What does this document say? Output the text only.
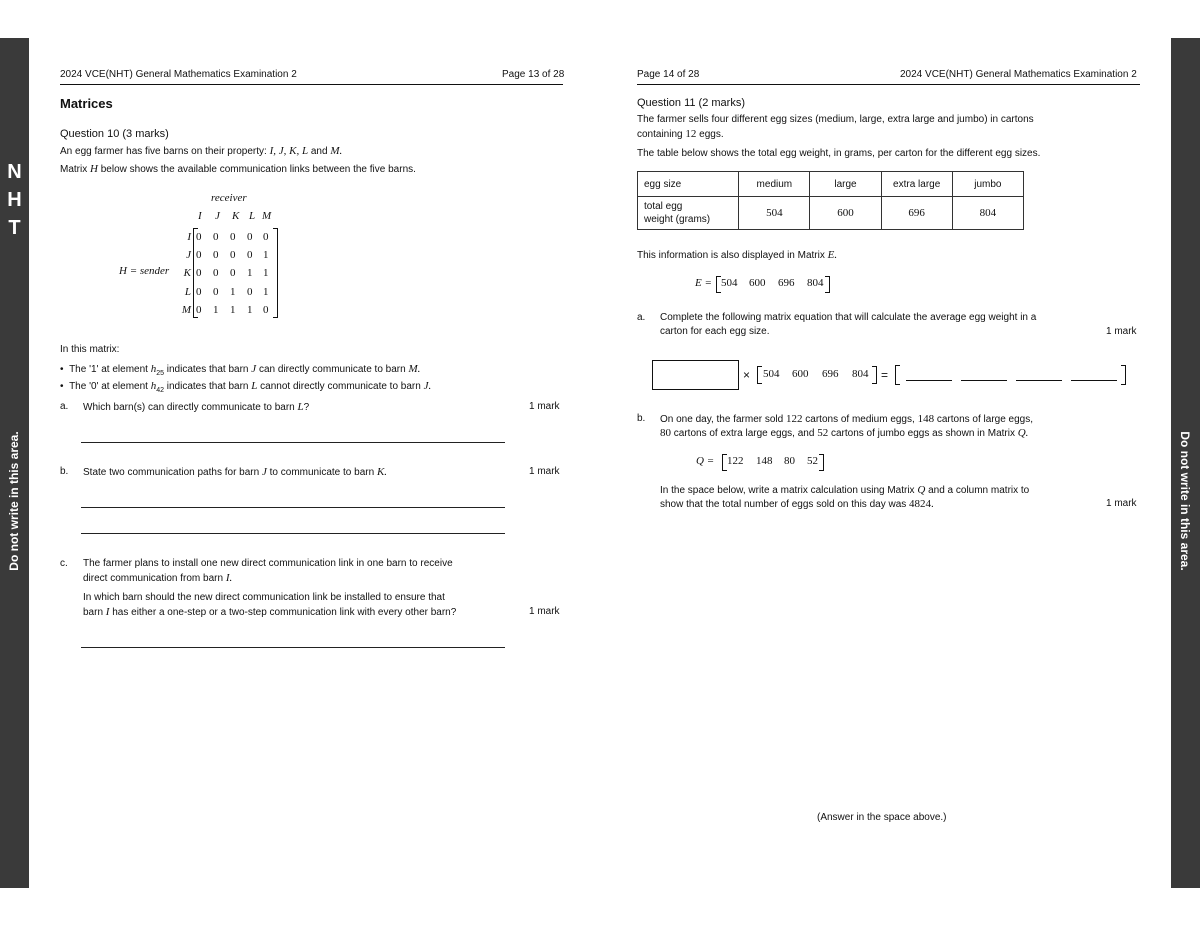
N
H
T
Do not write in this area.	Do not write in this area.
2024 VCE(NHT) General Mathematics Examination 2	Page 13 of 28
Matrices
Question 10 (3 marks)
An egg farmer has five barns on their property: I, J, K, L and M.
Matrix H below shows the available communication links between the five barns.
receiver
I J K L M
H = sender
I
J
K
L
M
0 0 0 0 0
0 0 0 0 1
0 0 0 1 1
0 0 1 0 1
0 1 1 1 0
In this matrix:
•  The '1' at element $h_{25}$ indicates that barn J can directly communicate to barn M.
•  The '0' at element $h_{42}$ indicates that barn L cannot directly communicate to barn J.
a. Which barn(s) can directly communicate to barn L?	1 mark
b. State two communication paths for barn J to communicate to barn K.	1 mark
c. The farmer plans to install one new direct communication link in one barn to receive
direct communication from barn I.
In which barn should the new direct communication link be installed to ensure that
barn I has either a one-step or a two-step communication link with every other barn?	1 mark
Page 14 of 28	2024 VCE(NHT) General Mathematics Examination 2
Question 11 (2 marks)
The farmer sells four different egg sizes (medium, large, extra large and jumbo) in cartons
containing 12 eggs.
The table below shows the total egg weight, in grams, per carton for the different egg sizes.
egg size	medium	large	extra large	jumbo

total egg
weight (grams)	504	600	696	804
This information is also displayed in Matrix E.
E = 504 600 696 804
a. Complete the following matrix equation that will calculate the average egg weight in a
carton for each egg size.	1 mark
× 504 600 696 804 =
b. On one day, the farmer sold 122 cartons of medium eggs, 148 cartons of large eggs,
80 cartons of extra large eggs, and 52 cartons of jumbo eggs as shown in Matrix Q.
Q = 122 148 80 52
In the space below, write a matrix calculation using Matrix Q and a column matrix to
show that the total number of eggs sold on this day was 4824.	1 mark
(Answer in the space above.)
